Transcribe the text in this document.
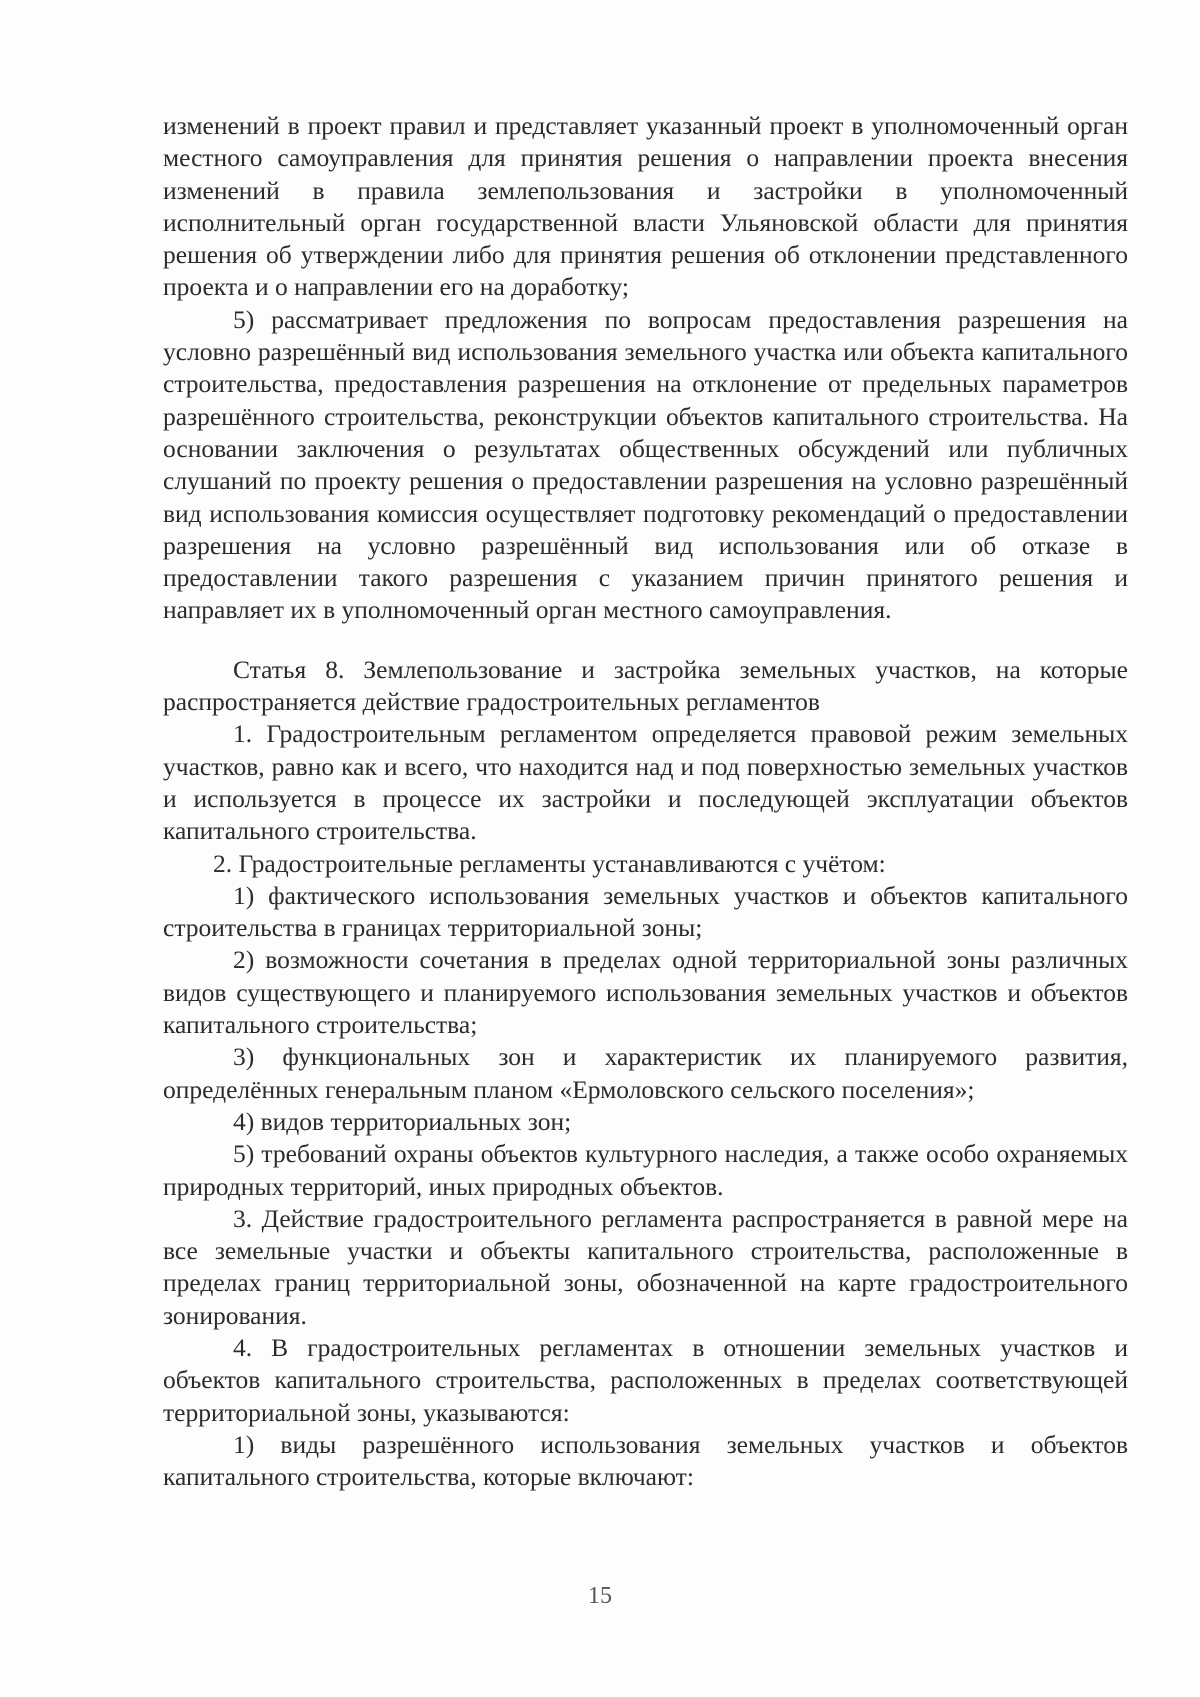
изменений в проект правил и представляет указанный проект в уполномоченный орган местного самоуправления для принятия решения о направлении проекта внесения изменений в правила землепользования и застройки в уполномоченный исполнительный орган государственной власти Ульяновской области для принятия решения об утверждении либо для принятия решения об отклонении представленного проекта и о направлении его на доработку;

5) рассматривает предложения по вопросам предоставления разрешения на условно разрешённый вид использования земельного участка или объекта капитального строительства, предоставления разрешения на отклонение от предельных параметров разрешённого строительства, реконструкции объектов капитального строительства. На основании заключения о результатах общественных обсуждений или публичных слушаний по проекту решения о предоставлении разрешения на условно разрешённый вид использования комиссия осуществляет подготовку рекомендаций о предоставлении разрешения на условно разрешённый вид использования или об отказе в предоставлении такого разрешения с указанием причин принятого решения и направляет их в уполномоченный орган местного самоуправления.

Статья 8. Землепользование и застройка земельных участков, на которые распространяется действие градостроительных регламентов

1. Градостроительным регламентом определяется правовой режим земельных участков, равно как и всего, что находится над и под поверхностью земельных участков и используется в процессе их застройки и последующей эксплуатации объектов капитального строительства.

2. Градостроительные регламенты устанавливаются с учётом:

1) фактического использования земельных участков и объектов капитального строительства в границах территориальной зоны;

2) возможности сочетания в пределах одной территориальной зоны различных видов существующего и планируемого использования земельных участков и объектов капитального строительства;

3) функциональных зон и характеристик их планируемого развития, определённых генеральным планом «Ермоловского сельского поселения»;

4) видов территориальных зон;

5) требований охраны объектов культурного наследия, а также особо охраняемых природных территорий, иных природных объектов.

3. Действие градостроительного регламента распространяется в равной мере на все земельные участки и объекты капитального строительства, расположенные в пределах границ территориальной зоны, обозначенной на карте градостроительного зонирования.

4. В градостроительных регламентах в отношении земельных участков и объектов капитального строительства, расположенных в пределах соответствующей территориальной зоны, указываются:

1) виды разрешённого использования земельных участков и объектов капитального строительства, которые включают:

15
